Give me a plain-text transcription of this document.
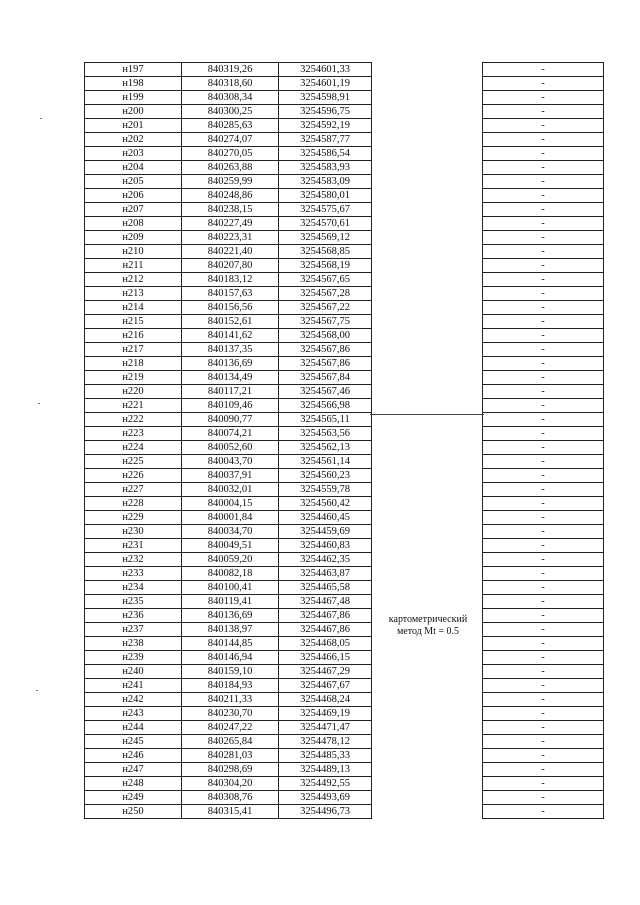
н197	840319,26	3254601,33		-
н198	840318,60	3254601,19		-
н199	840308,34	3254598,91		-
н200	840300,25	3254596,75		-
н201	840285,63	3254592,19		-
н202	840274,07	3254587,77		-
н203	840270,05	3254586,54		-
н204	840263,88	3254583,93		-
н205	840259,99	3254583,09		-
н206	840248,86	3254580,01		-
н207	840238,15	3254575,67		-
н208	840227,49	3254570,61		-
н209	840223,31	3254569,12		-
н210	840221,40	3254568,85		-
н211	840207,80	3254568,19		-
н212	840183,12	3254567,65		-
н213	840157,63	3254567,28		-
н214	840156,56	3254567,22		-
н215	840152,61	3254567,75		-
н216	840141,62	3254568,00		-
н217	840137,35	3254567,86		-
н218	840136,69	3254567,86		-
н219	840134,49	3254567,84		-
н220	840117,21	3254567,46		-
н221	840109,46	3254566,98		-
н222	840090,77	3254565,11		-
н223	840074,21	3254563,56		-
н224	840052,60	3254562,13		-
н225	840043,70	3254561,14		-
н226	840037,91	3254560,23		-
н227	840032,01	3254559,78		-
н228	840004,15	3254560,42		-
н229	840001,84	3254460,45		-
н230	840034,70	3254459,69		-
н231	840049,51	3254460,83		-
н232	840059,20	3254462,35		-
н233	840082,18	3254463,87		-
н234	840100,41	3254465,58		-
н235	840119,41	3254467,48		-
н236	840136,69	3254467,86		-
н237	840138,97	3254467,86		-
н238	840144,85	3254468,05		-
н239	840146,94	3254466,15		-
н240	840159,10	3254467,29		-
н241	840184,93	3254467,67		-
н242	840211,33	3254468,24		-
н243	840230,70	3254469,19		-
н244	840247,22	3254471,47		-
н245	840265,84	3254478,12		-
н246	840281,03	3254485,33		-
н247	840298,69	3254489,13		-
н248	840304,20	3254492,55		-
н249	840308,76	3254493,69		-
н250	840315,41	3254496,73		-
картометрический
метод Mt = 0.5
